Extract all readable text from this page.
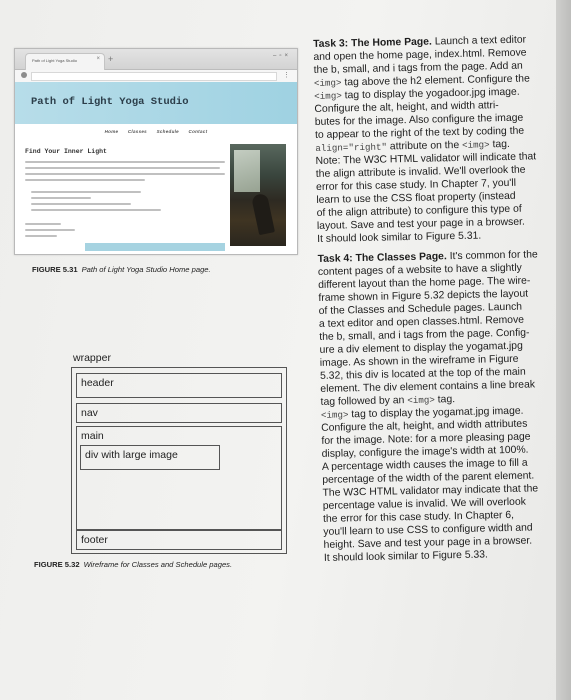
Path of Light Yoga Studio	× +	–▫×
⋮
Path of Light Yoga Studio
Home Classes Schedule Contact
Find Your Inner Light
FIGURE 5.31 Path of Light Yoga Studio Home page.
wrapper
header
nav
main
div with large image
footer
FIGURE 5.32 Wireframe for Classes and Schedule pages.
Task 3: The Home Page. Launch a text editor
and open the home page, index.html. Remove
the b, small, and i tags from the page. Add an
<img> tag above the h2 element. Configure the
<img> tag to display the yogadoor.jpg image.
Configure the alt, height, and width attri-
butes for the image. Also configure the image
to appear to the right of the text by coding the
align="right" attribute on the <img> tag.
Note: The W3C HTML validator will indicate that
the align attribute is invalid. We'll overlook the
error for this case study. In Chapter 7, you'll
learn to use the CSS float property (instead
of the align attribute) to configure this type of
layout. Save and test your page in a browser.
It should look similar to Figure 5.31.
Task 4: The Classes Page. It's common for the
content pages of a website to have a slightly
different layout than the home page. The wire-
frame shown in Figure 5.32 depicts the layout
of the Classes and Schedule pages. Launch
a text editor and open classes.html. Remove
the b, small, and i tags from the page. Config-
ure a div element to display the yogamat.jpg
image. As shown in the wireframe in Figure
5.32, this div is located at the top of the main
element. The div element contains a line break
tag followed by an <img> tag.
<img> tag to display the yogamat.jpg image.
Configure the alt, height, and width attributes
for the image. Note: for a more pleasing page
display, configure the image's width at 100%.
A percentage width causes the image to fill a
percentage of the width of the parent element.
The W3C HTML validator may indicate that the
percentage value is invalid. We will overlook
the error for this case study. In Chapter 6,
you'll learn to use CSS to configure width and
height. Save and test your page in a browser.
It should look similar to Figure 5.33.
